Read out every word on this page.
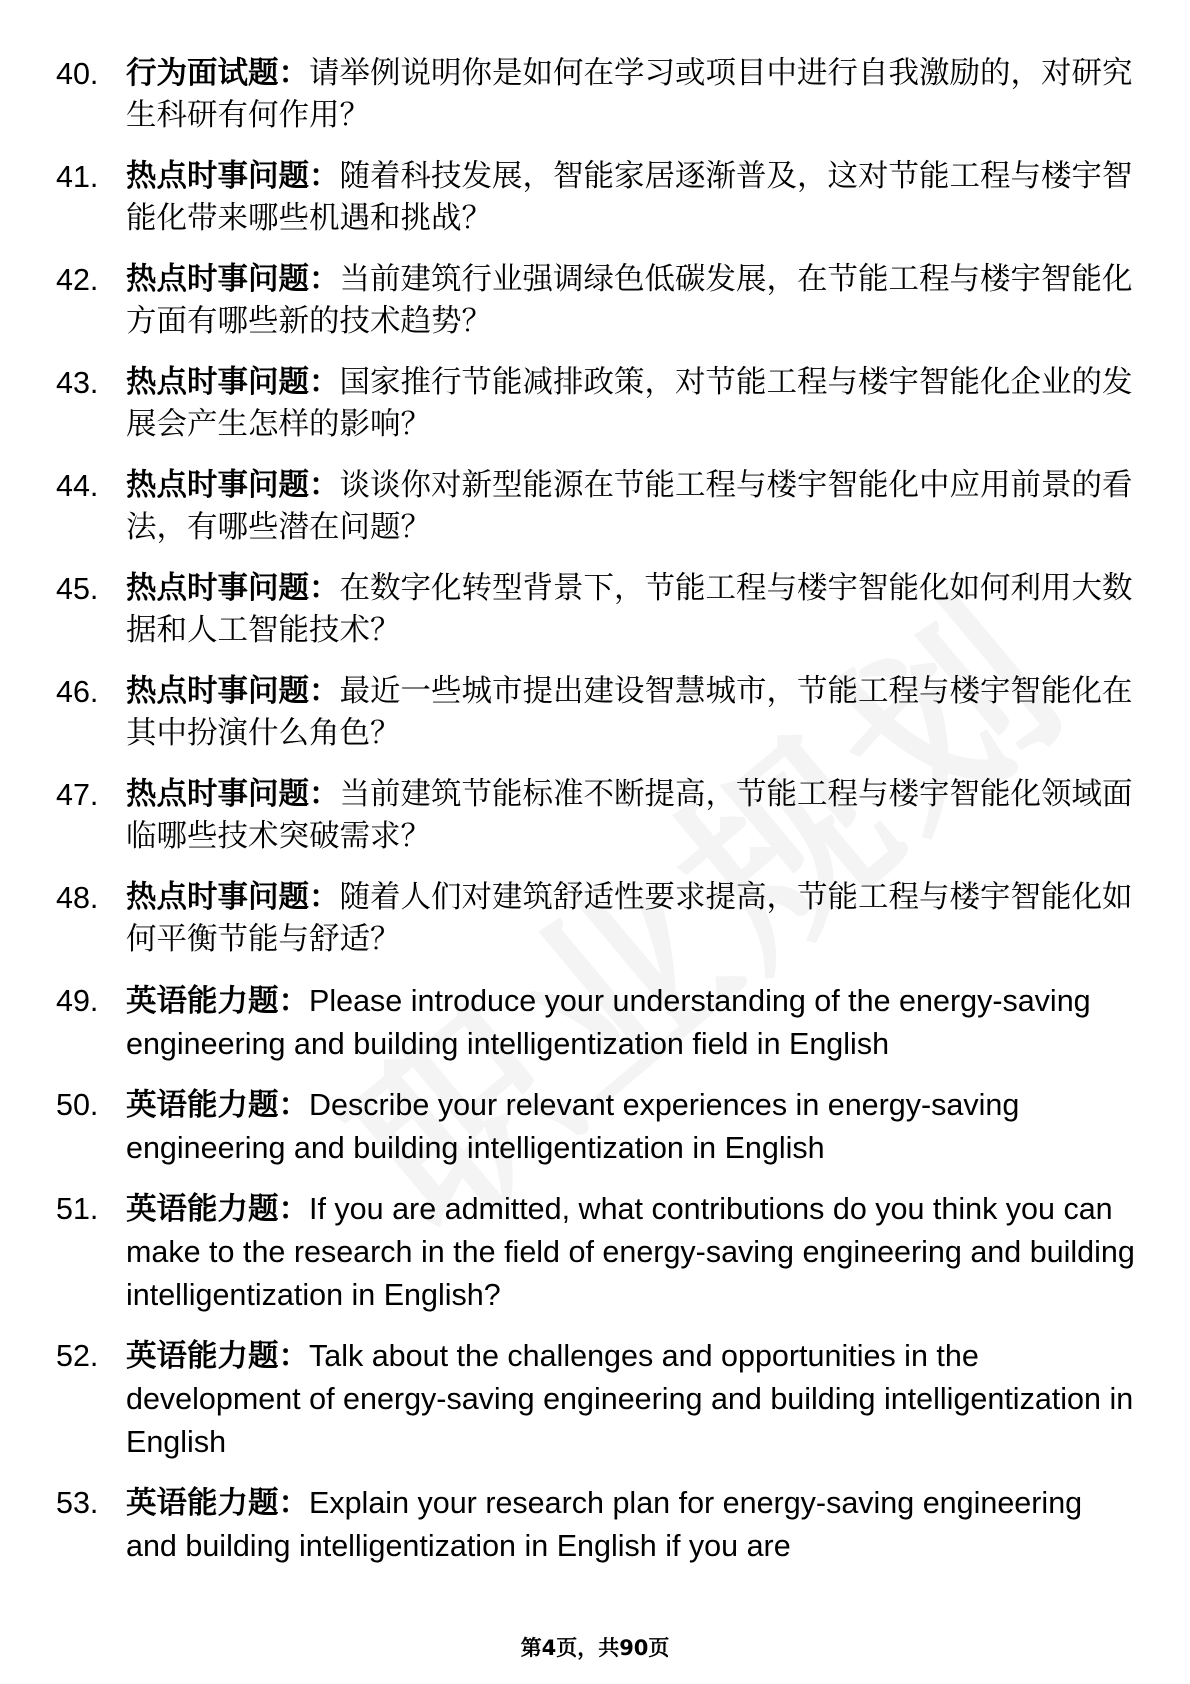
40. 行为面试题：请举例说明你是如何在学习或项目中进行自我激励的，对研究生科研有何作用？
41. 热点时事问题：随着科技发展，智能家居逐渐普及，这对节能工程与楼宇智能化带来哪些机遇和挑战？
42. 热点时事问题：当前建筑行业强调绿色低碳发展，在节能工程与楼宇智能化方面有哪些新的技术趋势？
43. 热点时事问题：国家推行节能减排政策，对节能工程与楼宇智能化企业的发展会产生怎样的影响？
44. 热点时事问题：谈谈你对新型能源在节能工程与楼宇智能化中应用前景的看法，有哪些潜在问题？
45. 热点时事问题：在数字化转型背景下，节能工程与楼宇智能化如何利用大数据和人工智能技术？
46. 热点时事问题：最近一些城市提出建设智慧城市，节能工程与楼宇智能化在其中扮演什么角色？
47. 热点时事问题：当前建筑节能标准不断提高，节能工程与楼宇智能化领域面临哪些技术突破需求？
48. 热点时事问题：随着人们对建筑舒适性要求提高，节能工程与楼宇智能化如何平衡节能与舒适？
49. 英语能力题：Please introduce your understanding of the energy-saving engineering and building intelligentization field in English
50. 英语能力题：Describe your relevant experiences in energy-saving engineering and building intelligentization in English
51. 英语能力题：If you are admitted, what contributions do you think you can make to the research in the field of energy-saving engineering and building intelligentization in English?
52. 英语能力题：Talk about the challenges and opportunities in the development of energy-saving engineering and building intelligentization in English
53. 英语能力题：Explain your research plan for energy-saving engineering and building intelligentization in English if you are
第4页，共90页
